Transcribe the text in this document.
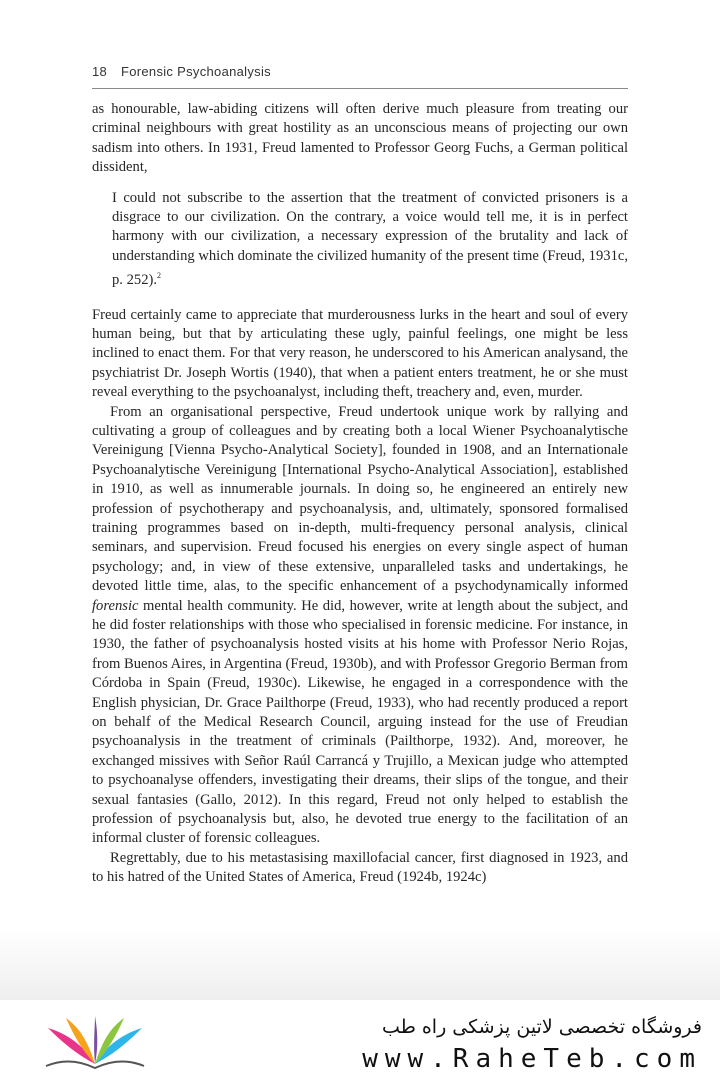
18 Forensic Psychoanalysis

as honourable, law-abiding citizens will often derive much pleasure from treating our criminal neighbours with great hostility as an unconscious means of projecting our own sadism into others. In 1931, Freud lamented to Professor Georg Fuchs, a German political dissident,

I could not subscribe to the assertion that the treatment of convicted prisoners is a disgrace to our civilization. On the contrary, a voice would tell me, it is in perfect harmony with our civilization, a necessary expression of the brutality and lack of understanding which dominate the civilized humanity of the present time (Freud, 1931c, p. 252).$^2$

Freud certainly came to appreciate that murderousness lurks in the heart and soul of every human being, but that by articulating these ugly, painful feelings, one might be less inclined to enact them. For that very reason, he underscored to his American analysand, the psychiatrist Dr. Joseph Wortis (1940), that when a patient enters treatment, he or she must reveal everything to the psychoanalyst, including theft, treachery and, even, murder.

From an organisational perspective, Freud undertook unique work by rallying and cultivating a group of colleagues and by creating both a local Wiener Psychoanalytische Vereinigung [Vienna Psycho-Analytical Society], founded in 1908, and an Internationale Psychoanalytische Vereinigung [International Psycho-Analytical Association], established in 1910, as well as innumerable journals. In doing so, he engineered an entirely new profession of psychotherapy and psychoanalysis, and, ultimately, sponsored formalised training programmes based on in-depth, multi-frequency personal analysis, clinical seminars, and supervision. Freud focused his energies on every single aspect of human psychology; and, in view of these extensive, unparalleled tasks and undertakings, he devoted little time, alas, to the specific enhancement of a psychodynamically informed forensic mental health community. He did, however, write at length about the subject, and he did foster relationships with those who specialised in forensic medicine. For instance, in 1930, the father of psychoanalysis hosted visits at his home with Professor Nerio Rojas, from Buenos Aires, in Argentina (Freud, 1930b), and with Professor Gregorio Berman from Córdoba in Spain (Freud, 1930c). Likewise, he engaged in a correspondence with the English physician, Dr. Grace Pailthorpe (Freud, 1933), who had recently produced a report on behalf of the Medical Research Council, arguing instead for the use of Freudian psychoanalysis in the treatment of criminals (Pailthorpe, 1932). And, moreover, he exchanged missives with Señor Raúl Carrancá y Trujillo, a Mexican judge who attempted to psychoanalyse offenders, investigating their dreams, their slips of the tongue, and their sexual fantasies (Gallo, 2012). In this regard, Freud not only helped to establish the profession of psychoanalysis but, also, he devoted true energy to the facilitation of an informal cluster of forensic colleagues.

Regrettably, due to his metastasising maxillofacial cancer, first diagnosed in 1923, and to his hatred of the United States of America, Freud (1924b, 1924c)

فروشگاه تخصصی لاتین پزشکی راه طب
www.RaheTeb.com
